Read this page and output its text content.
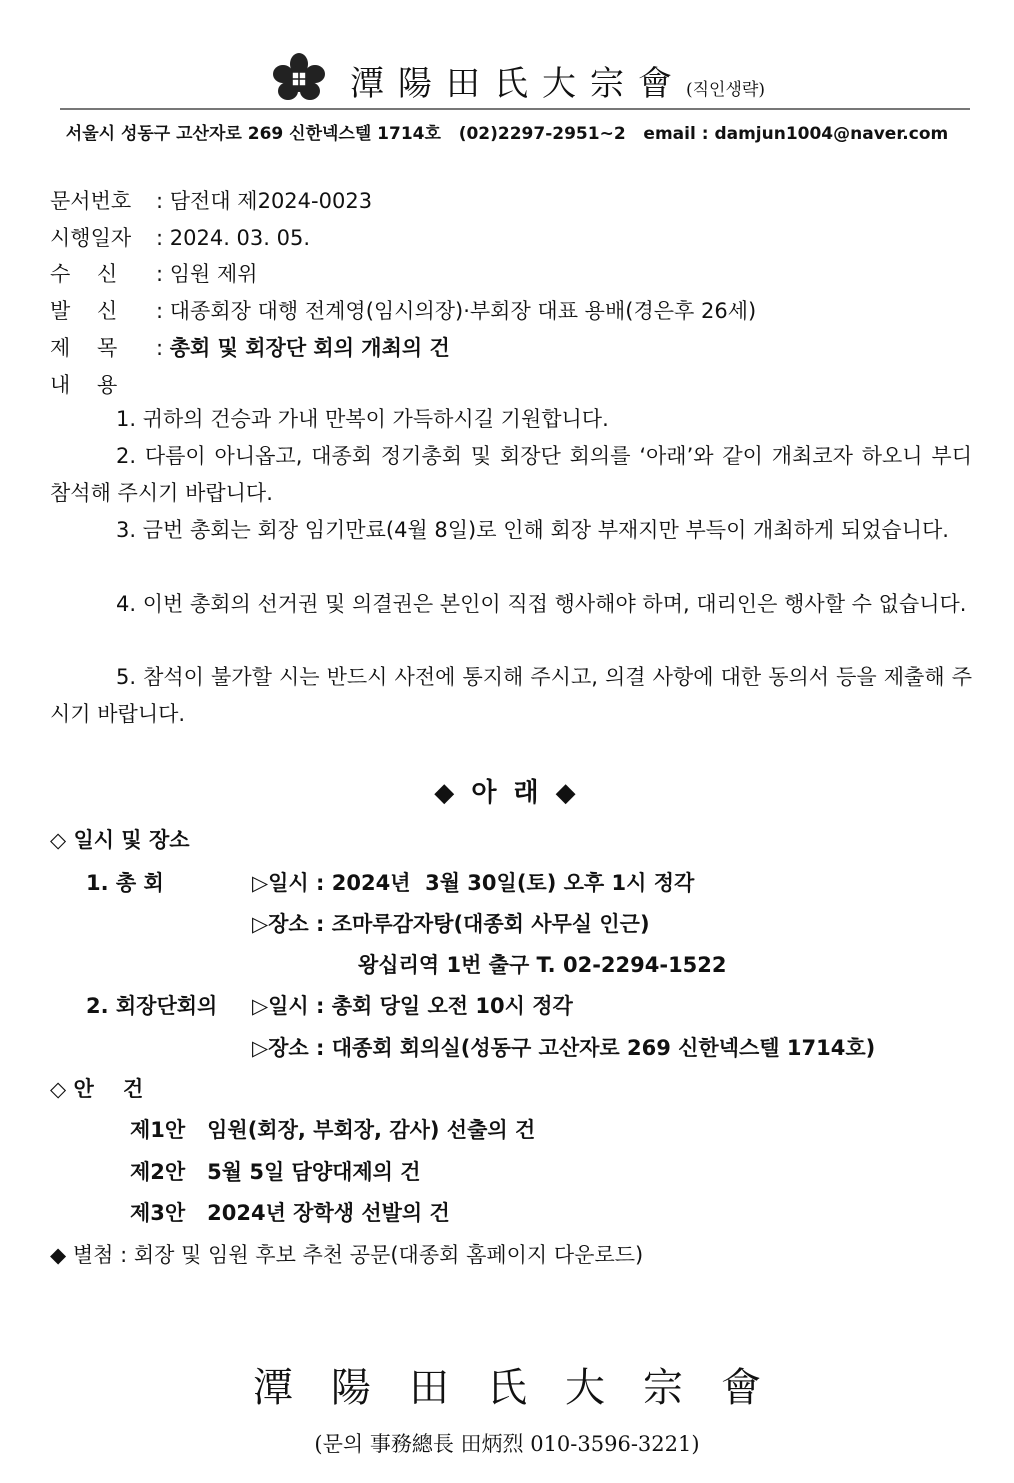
潭陽田氏大宗會(직인생략)
서울시 성동구 고산자로 269 신한넥스텔 1714호 (02)2297-2951~2 email : damjun1004@naver.com
문서번호 : 담전대 제2024-0023
시행일자 : 2024. 03. 05.
수    신 : 임원 제위
발    신 : 대종회장 대행 전계영(임시의장)·부회장 대표 용배(경은후 26세)
제    목 : 총회 및 회장단 회의 개최의 건
내    용
1. 귀하의 건승과 가내 만복이 가득하시길 기원합니다.
2. 다름이 아니옵고, 대종회 정기총회 및 회장단 회의를 ‘아래’와 같이 개최코자 하오니 부디 참석해 주시기 바랍니다.
3. 금번 총회는 회장 임기만료(4월 8일)로 인해 회장 부재지만 부득이 개최하게 되었습니다.
4. 이번 총회의 선거권 및 의결권은 본인이 직접 행사해야 하며, 대리인은 행사할 수 없습니다.
5. 참석이 불가할 시는 반드시 사전에 통지해 주시고, 의결 사항에 대한 동의서 등을 제출해 주시기 바랍니다.
◆ 아 래 ◆
◇ 일시 및 장소
1. 총 회	▷일시 : 2024년  3월 30일(토) 오후 1시 정각
▷장소 : 조마루감자탕(대종회 사무실 인근)
왕십리역 1번 출구 T. 02-2294-1522
2. 회장단회의 ▷일시 : 총회 당일 오전 10시 정각
▷장소 : 대종회 회의실(성동구 고산자로 269 신한넥스텔 1714호)
◇ 안    건
제1안 임원(회장, 부회장, 감사) 선출의 건
제2안 5월 5일 담양대제의 건
제3안 2024년 장학생 선발의 건
◆ 별첨 : 회장 및 임원 후보 추천 공문(대종회 홈페이지 다운로드)
潭陽田氏大宗會
(문의 事務總長 田炳烈 010-3596-3221)
